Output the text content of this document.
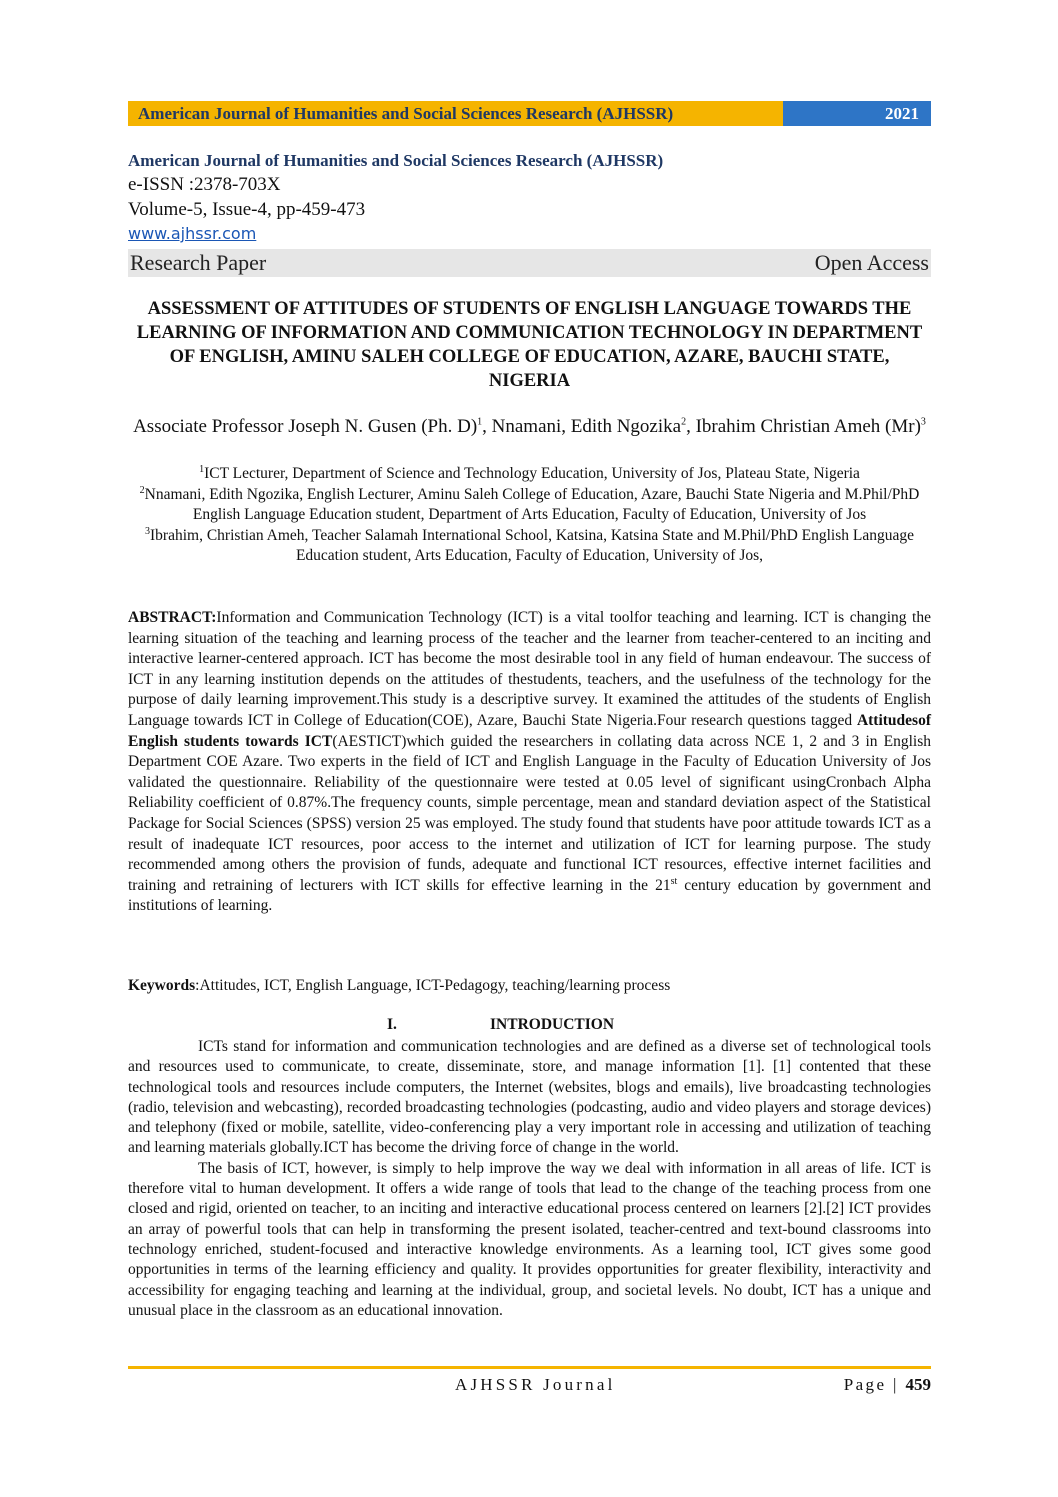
American Journal of Humanities and Social Sciences Research (AJHSSR)	2021
American Journal of Humanities and Social Sciences Research (AJHSSR)
e-ISSN :2378-703X
Volume-5, Issue-4, pp-459-473
www.ajhssr.com
Research Paper	Open Access
ASSESSMENT OF ATTITUDES OF STUDENTS OF ENGLISH LANGUAGE TOWARDS THE LEARNING OF INFORMATION AND COMMUNICATION TECHNOLOGY IN DEPARTMENT OF ENGLISH, AMINU SALEH COLLEGE OF EDUCATION, AZARE, BAUCHI STATE, NIGERIA
Associate Professor Joseph N. Gusen (Ph. D)$^1$, Nnamani, Edith Ngozika$^2$, Ibrahim Christian Ameh $(Mr)^3$
$^1$ICT Lecturer, Department of Science and Technology Education, University of Jos, Plateau State, Nigeria
$^2$Nnamani, Edith Ngozika, English Lecturer, Aminu Saleh College of Education, Azare, Bauchi State Nigeria and M.Phil/PhD English Language Education student, Department of Arts Education, Faculty of Education, University of Jos
$^3$Ibrahim, Christian Ameh, Teacher Salamah International School, Katsina, Katsina State and M.Phil/PhD English Language Education student, Arts Education, Faculty of Education, University of Jos,
ABSTRACT:Information and Communication Technology (ICT) is a vital toolfor teaching and learning. ICT is changing the learning situation of the teaching and learning process of the teacher and the learner from teacher-centered to an inciting and interactive learner-centered approach. ICT has become the most desirable tool in any field of human endeavour. The success of ICT in any learning institution depends on the attitudes of thestudents, teachers, and the usefulness of the technology for the purpose of daily learning improvement.This study is a descriptive survey. It examined the attitudes of the students of English Language towards ICT in College of Education(COE), Azare, Bauchi State Nigeria.Four research questions tagged Attitudesof English students towards ICT(AESTICT)which guided the researchers in collating data across NCE 1, 2 and 3 in English Department COE Azare. Two experts in the field of ICT and English Language in the Faculty of Education University of Jos validated the questionnaire. Reliability of the questionnaire were tested at 0.05 level of significant usingCronbach Alpha Reliability coefficient of 0.87%.The frequency counts, simple percentage, mean and standard deviation aspect of the Statistical Package for Social Sciences (SPSS) version 25 was employed. The study found that students have poor attitude towards ICT as a result of inadequate ICT resources, poor access to the internet and utilization of ICT for learning purpose. The study recommended among others the provision of funds, adequate and functional ICT resources, effective internet facilities and training and retraining of lecturers with ICT skills for effective learning in the 21st century education by government and institutions of learning.
Keywords:Attitudes, ICT, English Language, ICT-Pedagogy, teaching/learning process
I.	INTRODUCTION

ICTs stand for information and communication technologies and are defined as a diverse set of technological tools and resources used to communicate, to create, disseminate, store, and manage information [1]. [1] contented that these technological tools and resources include computers, the Internet (websites, blogs and emails), live broadcasting technologies (radio, television and webcasting), recorded broadcasting technologies (podcasting, audio and video players and storage devices) and telephony (fixed or mobile, satellite, video-conferencing play a very important role in accessing and utilization of teaching and learning materials globally.ICT has become the driving force of change in the world.

The basis of ICT, however, is simply to help improve the way we deal with information in all areas of life. ICT is therefore vital to human development. It offers a wide range of tools that lead to the change of the teaching process from one closed and rigid, oriented on teacher, to an inciting and interactive educational process centered on learners [2].[2] ICT provides an array of powerful tools that can help in transforming the present isolated, teacher-centred and text-bound classrooms into technology enriched, student-focused and interactive knowledge environments. As a learning tool, ICT gives some good opportunities in terms of the learning efficiency and quality. It provides opportunities for greater flexibility, interactivity and accessibility for engaging teaching and learning at the individual, group, and societal levels. No doubt, ICT has a unique and unusual place in the classroom as an educational innovation.

AJHSSR Journal	Page | 459
